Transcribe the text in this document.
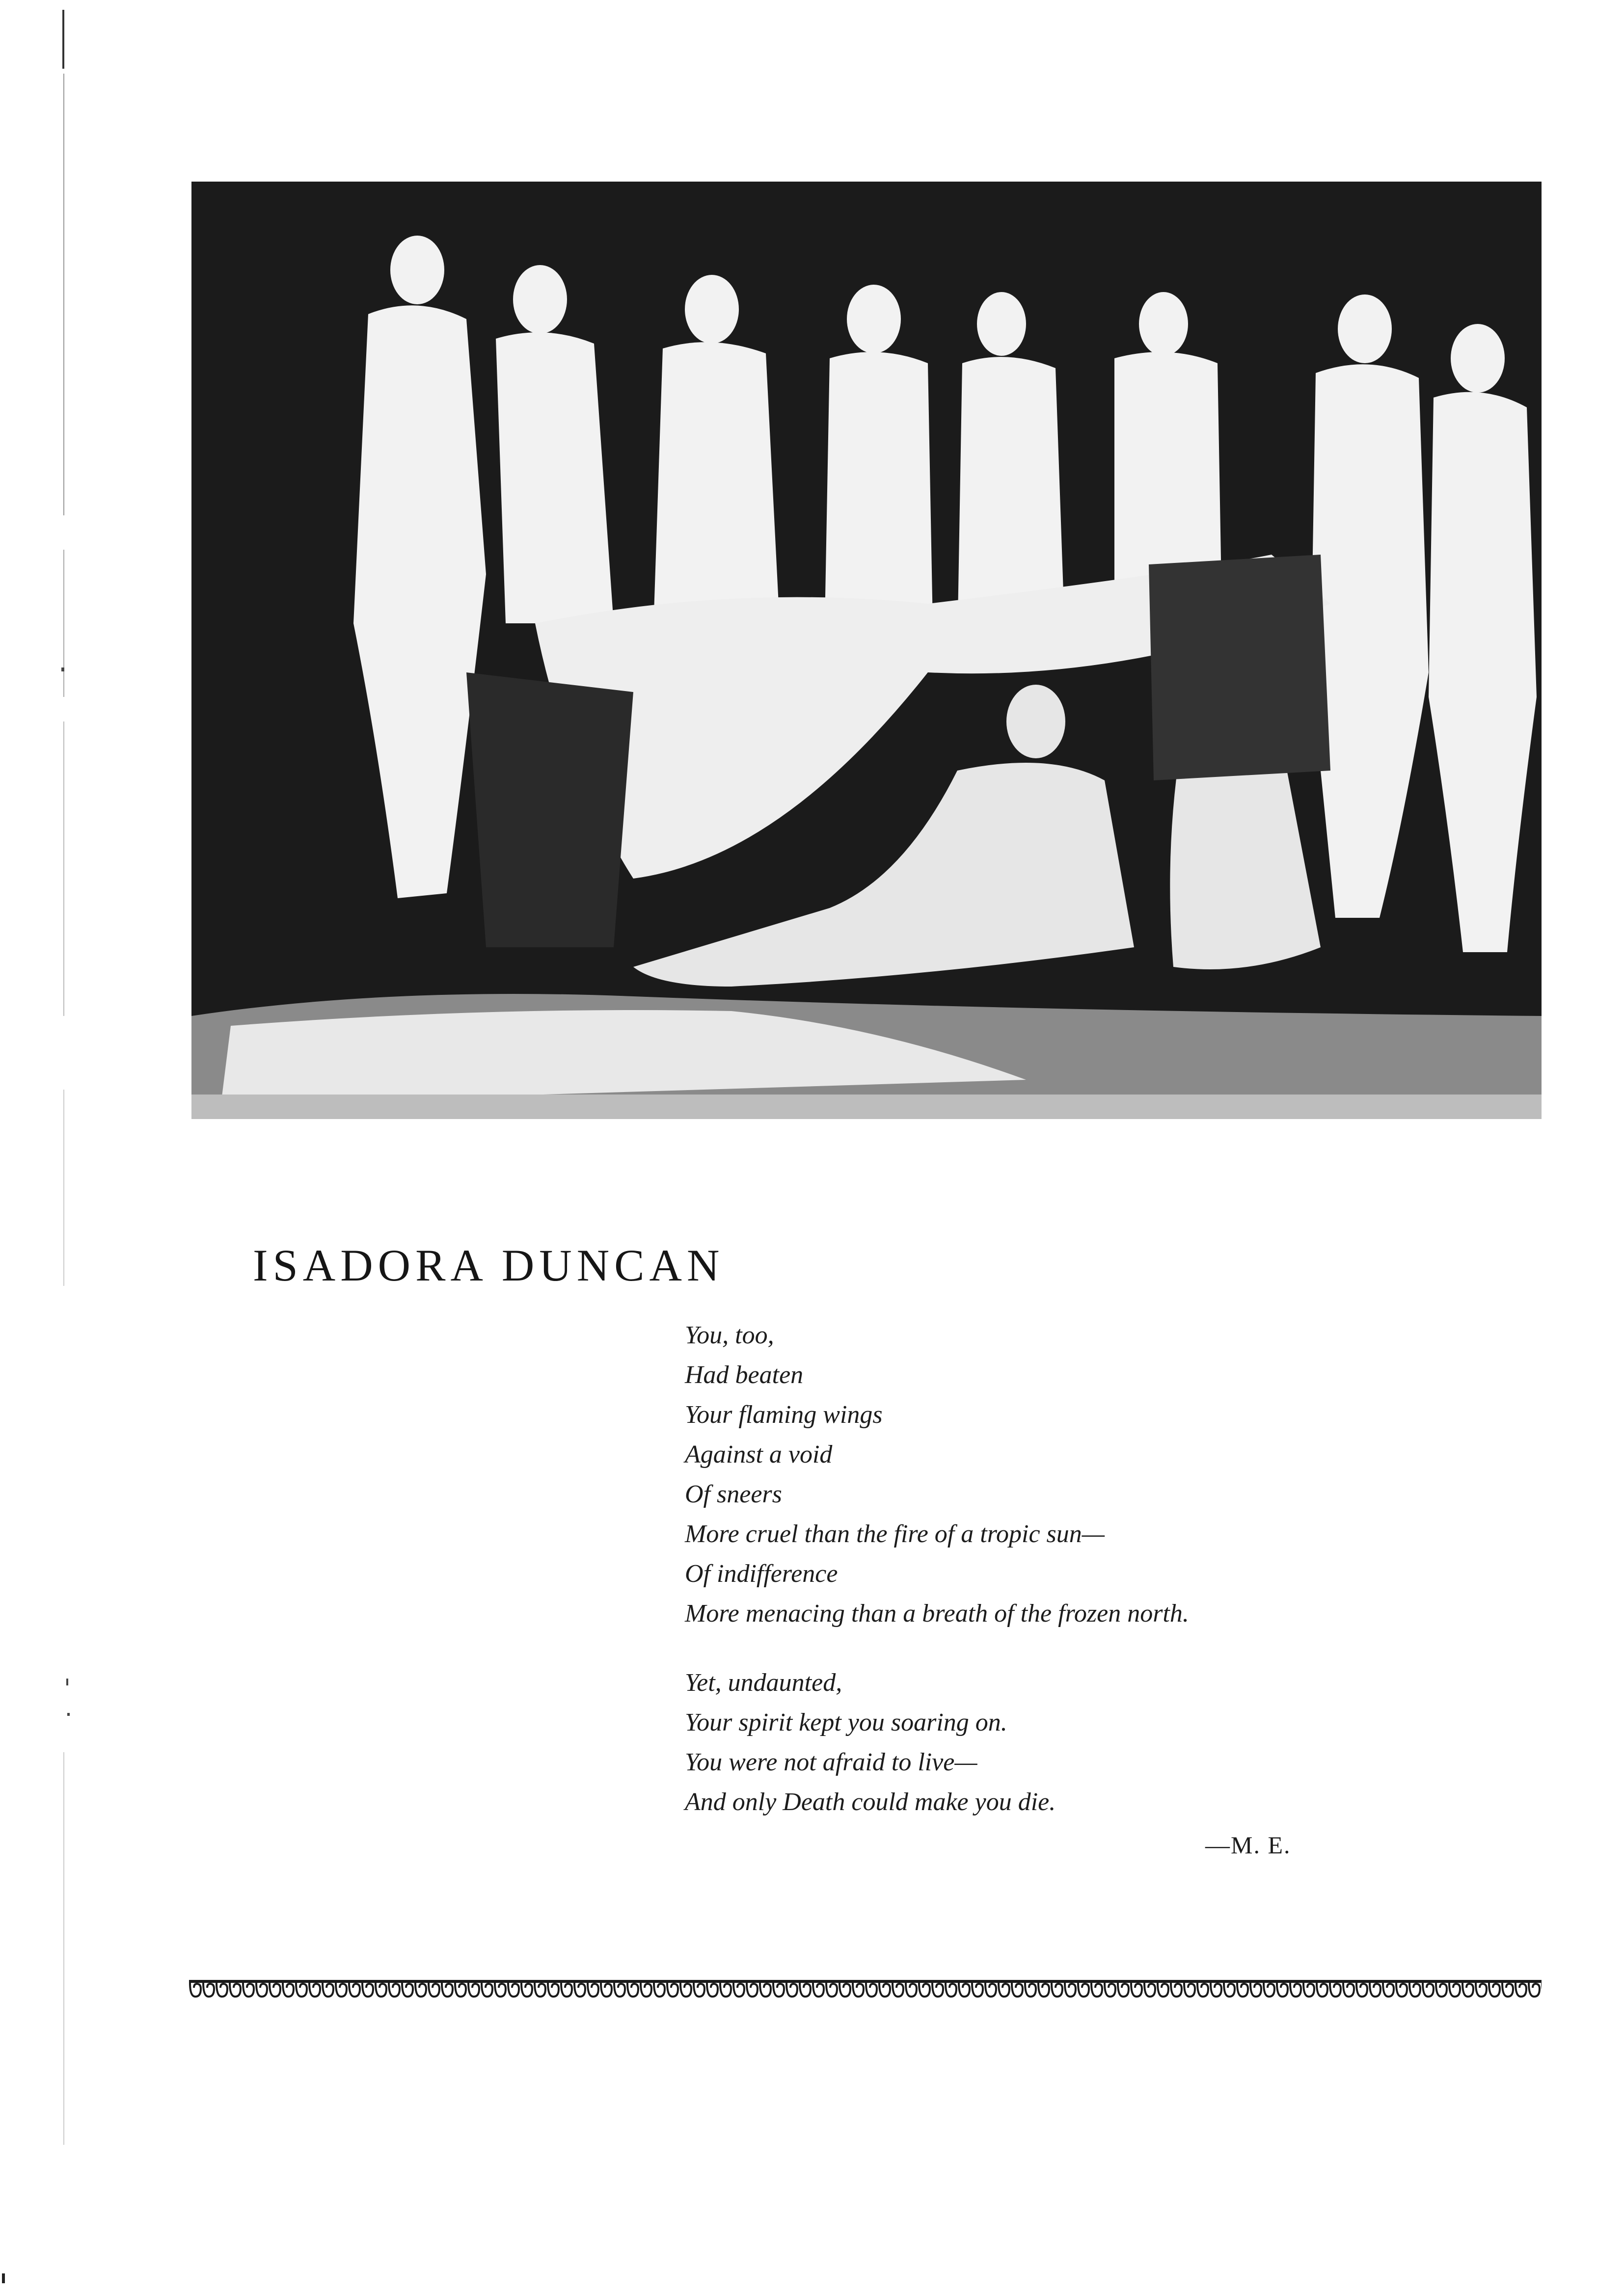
ISADORA DUNCAN
You, too,
Had beaten
Your flaming wings
Against a void
Of sneers
More cruel than the fire of a tropic sun—
Of indifference
More menacing than a breath of the frozen north.
Yet, undaunted,
Your spirit kept you soaring on.
You were not afraid to live—
And only Death could make you die.
—M. E.
